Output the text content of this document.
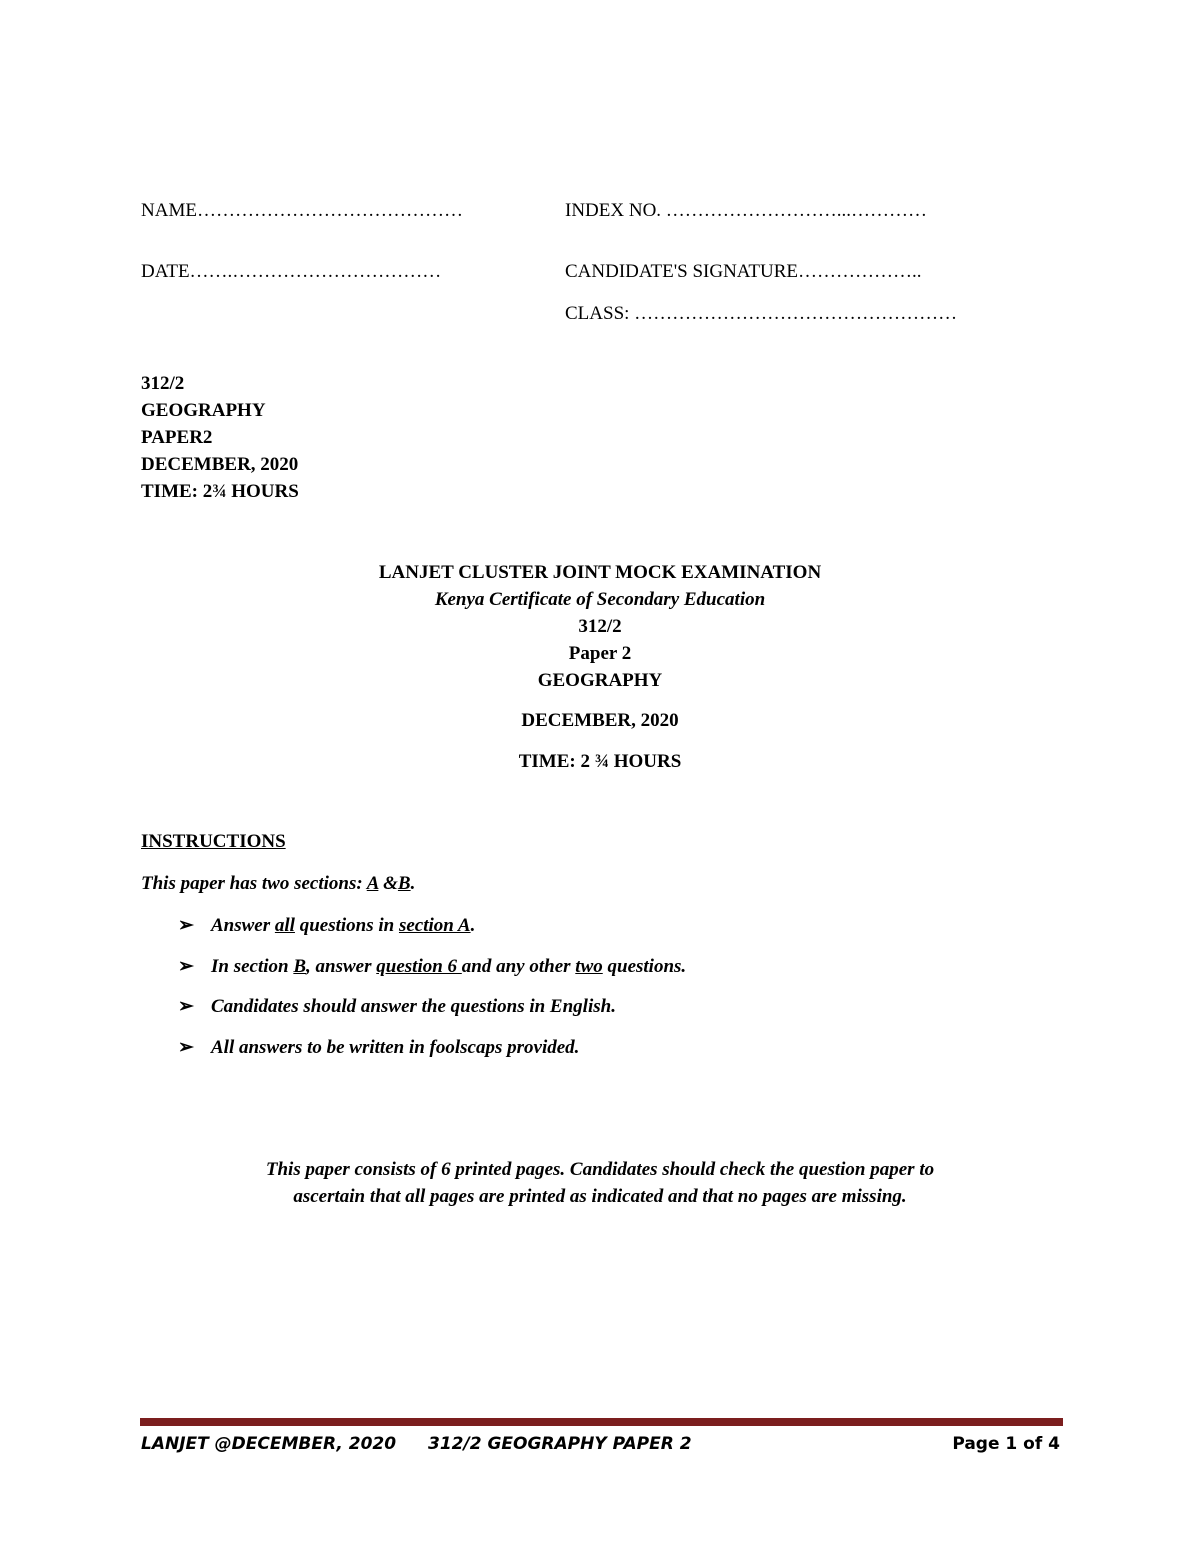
NAME……………………………………	INDEX NO. ………………………...…………
DATE…….……………………………	CANDIDATE'S SIGNATURE………………..
CLASS: ……………………………………………
312/2
GEOGRAPHY
PAPER2
DECEMBER, 2020
TIME: 2¾ HOURS
LANJET CLUSTER JOINT MOCK EXAMINATION
Kenya Certificate of Secondary Education
312/2
Paper 2
GEOGRAPHY
DECEMBER, 2020
TIME: 2 ¾ HOURS
INSTRUCTIONS
This paper has two sections: A &B.
➢ Answer all questions in section A.
➢ In section B, answer question 6 and any other two questions.
➢ Candidates should answer the questions in English.
➢ All answers to be written in foolscaps provided.
This paper consists of 6 printed pages. Candidates should check the question paper to
ascertain that all pages are printed as indicated and that no pages are missing.
LANJET @DECEMBER, 2020 312/2 GEOGRAPHY PAPER 2	Page 1 of 4
